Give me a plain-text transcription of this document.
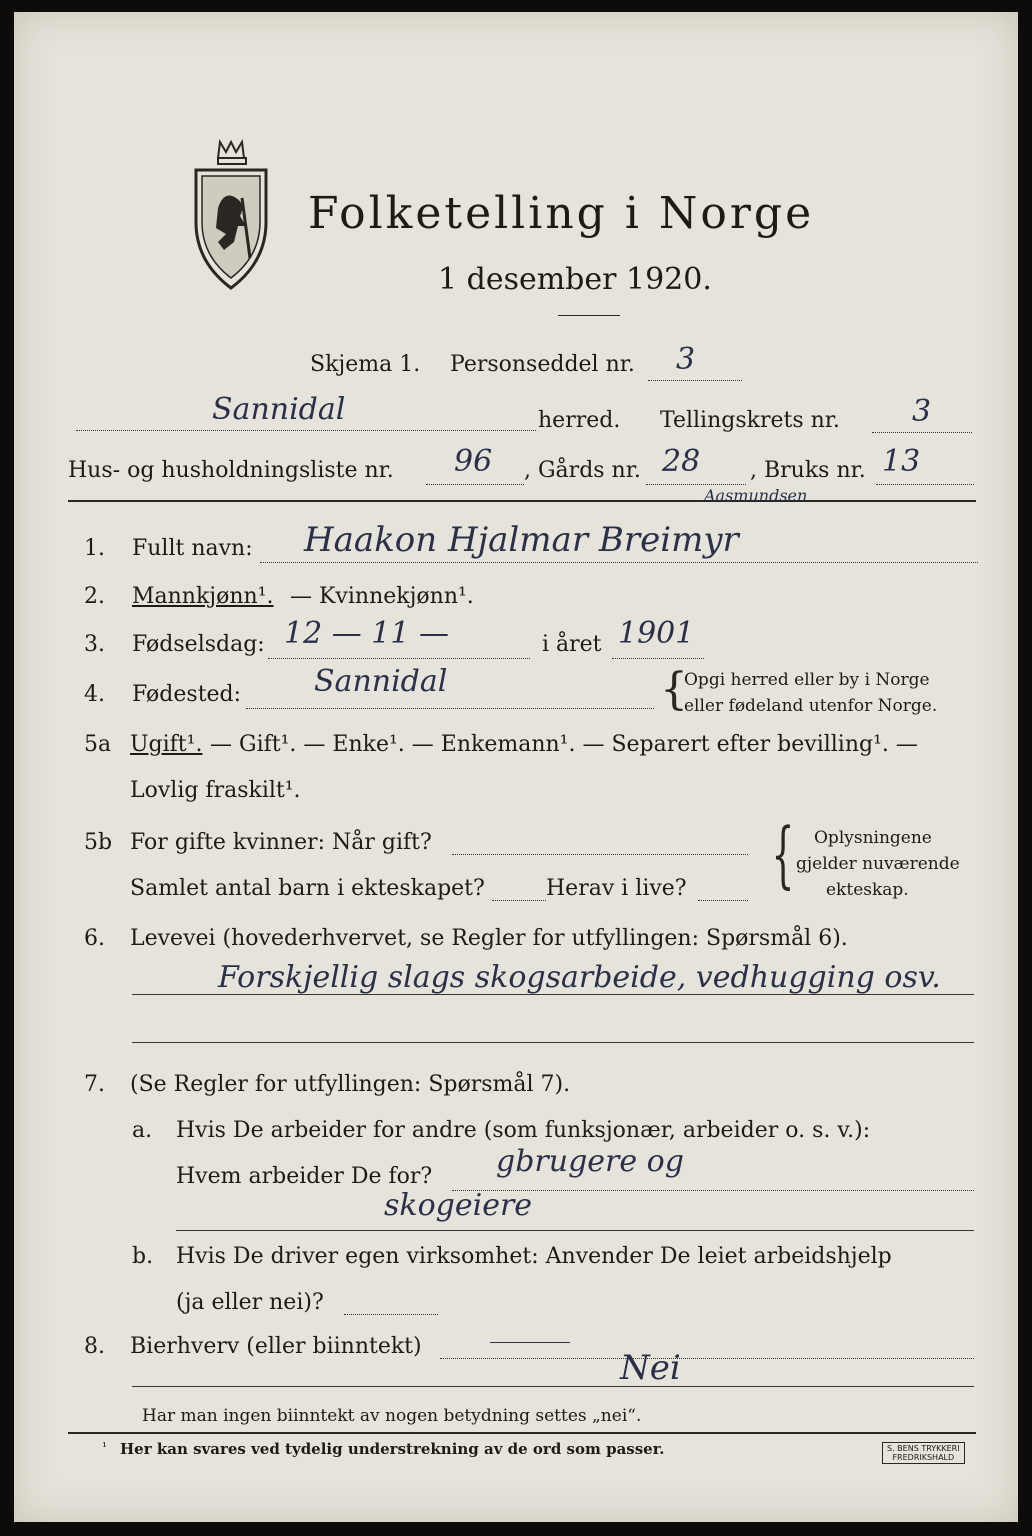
Folketelling i Norge
1 desember 1920.
Skjema 1. Personseddel nr. 3
Sannidal	herred. Tellingskrets nr. 3
Hus- og husholdningsliste nr. 96 , Gårds nr. 28 , Bruks nr. 13
1. Fullt navn: Haakon Hjalmar Breimyr
Aasmundsen
2. Mannkjønn¹. — Kvinnekjønn¹.
3. Fødselsdag: 12 — 11 —	i året 1901
4. Fødested: Sannidal	{
Opgi herred eller by i Norge
eller fødeland utenfor Norge.
5a Ugift¹. — Gift¹. — Enke¹. — Enkemann¹. — Separert efter bevilling¹. —
Lovlig fraskilt¹.
5b For gifte kvinner: Når gift?
Samlet antal barn i ekteskapet?	Herav i live? { Oplysningene
gjelder nuværende
ekteskap.
6. Levevei (hovederhvervet, se Regler for utfyllingen: Spørsmål 6).
Forskjellig slags skogsarbeide, vedhugging osv.
7. (Se Regler for utfyllingen: Spørsmål 7).
a. Hvis De arbeider for andre (som funksjonær, arbeider o. s. v.):
Hvem arbeider De for? gbrugere og
skogeiere
b. Hvis De driver egen virksomhet: Anvender De leiet arbeidshjelp
(ja eller nei)?
8. Bierhverv (eller biinntekt)
Nei
Har man ingen biinntekt av nogen betydning settes „nei“.
¹ Her kan svares ved tydelig understrekning av de ord som passer.	S. BENS TRYKKERI
FREDRIKSHALD
